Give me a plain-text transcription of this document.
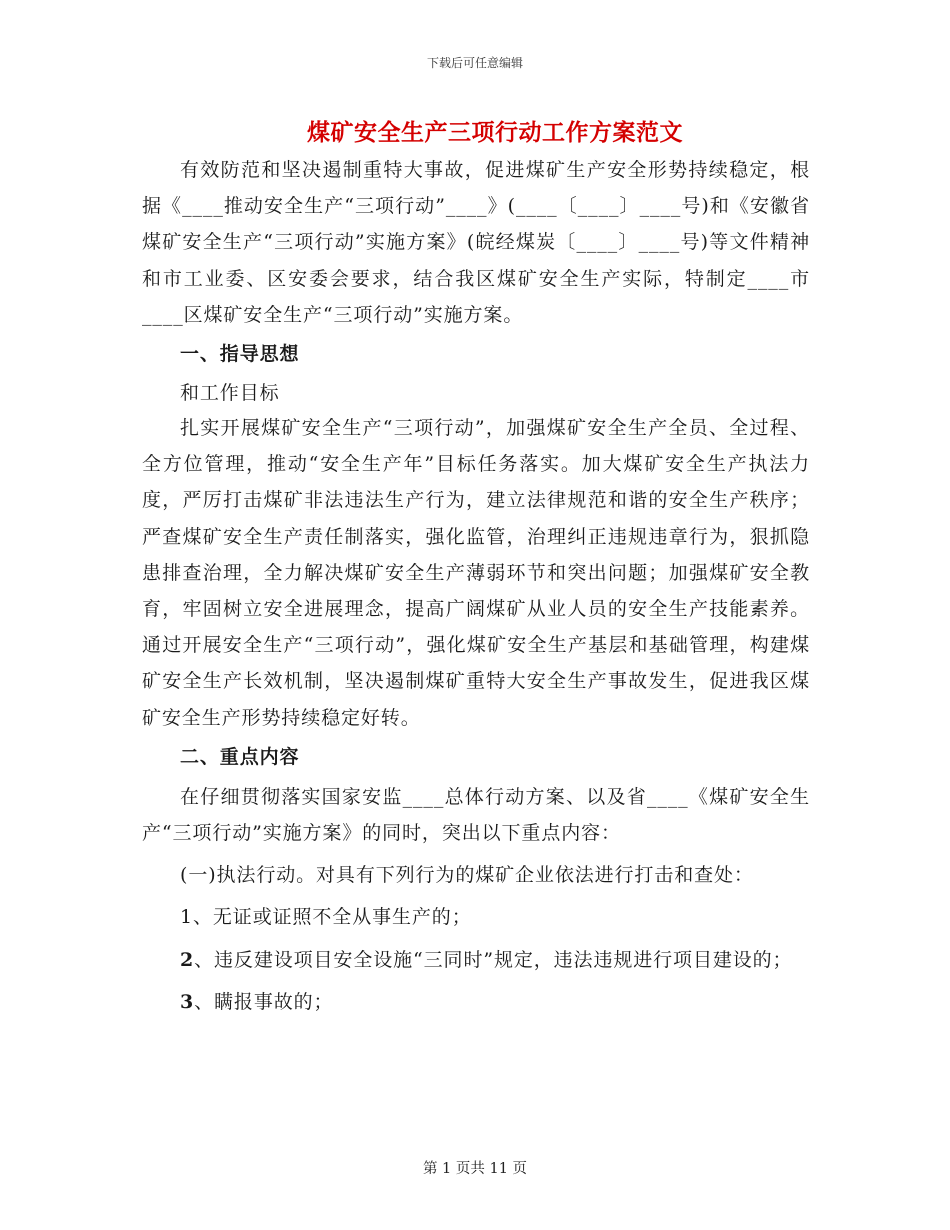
下载后可任意编辑
煤矿安全生产三项行动工作方案范文

有效防范和坚决遏制重特大事故，促进煤矿生产安全形势持续稳定，根据《____推动安全生产“三项行动”____》(____〔____〕____号)和《安徽省煤矿安全生产“三项行动”实施方案》(皖经煤炭〔____〕____号)等文件精神和市工业委、区安委会要求，结合我区煤矿安全生产实际，特制定____市____区煤矿安全生产“三项行动”实施方案。

一、指导思想

和工作目标

扎实开展煤矿安全生产“三项行动”，加强煤矿安全生产全员、全过程、全方位管理，推动“安全生产年”目标任务落实。加大煤矿安全生产执法力度，严厉打击煤矿非法违法生产行为，建立法律规范和谐的安全生产秩序；严查煤矿安全生产责任制落实，强化监管，治理纠正违规违章行为，狠抓隐患排查治理，全力解决煤矿安全生产薄弱环节和突出问题；加强煤矿安全教育，牢固树立安全进展理念，提高广阔煤矿从业人员的安全生产技能素养。通过开展安全生产“三项行动”，强化煤矿安全生产基层和基础管理，构建煤矿安全生产长效机制，坚决遏制煤矿重特大安全生产事故发生，促进我区煤矿安全生产形势持续稳定好转。

二、重点内容

在仔细贯彻落实国家安监____总体行动方案、以及省____《煤矿安全生产“三项行动”实施方案》的同时，突出以下重点内容：

(一)执法行动。对具有下列行为的煤矿企业依法进行打击和查处：

1、无证或证照不全从事生产的；

2、违反建设项目安全设施“三同时”规定，违法违规进行项目建设的；

3、瞒报事故的；

第 1 页共 11 页
